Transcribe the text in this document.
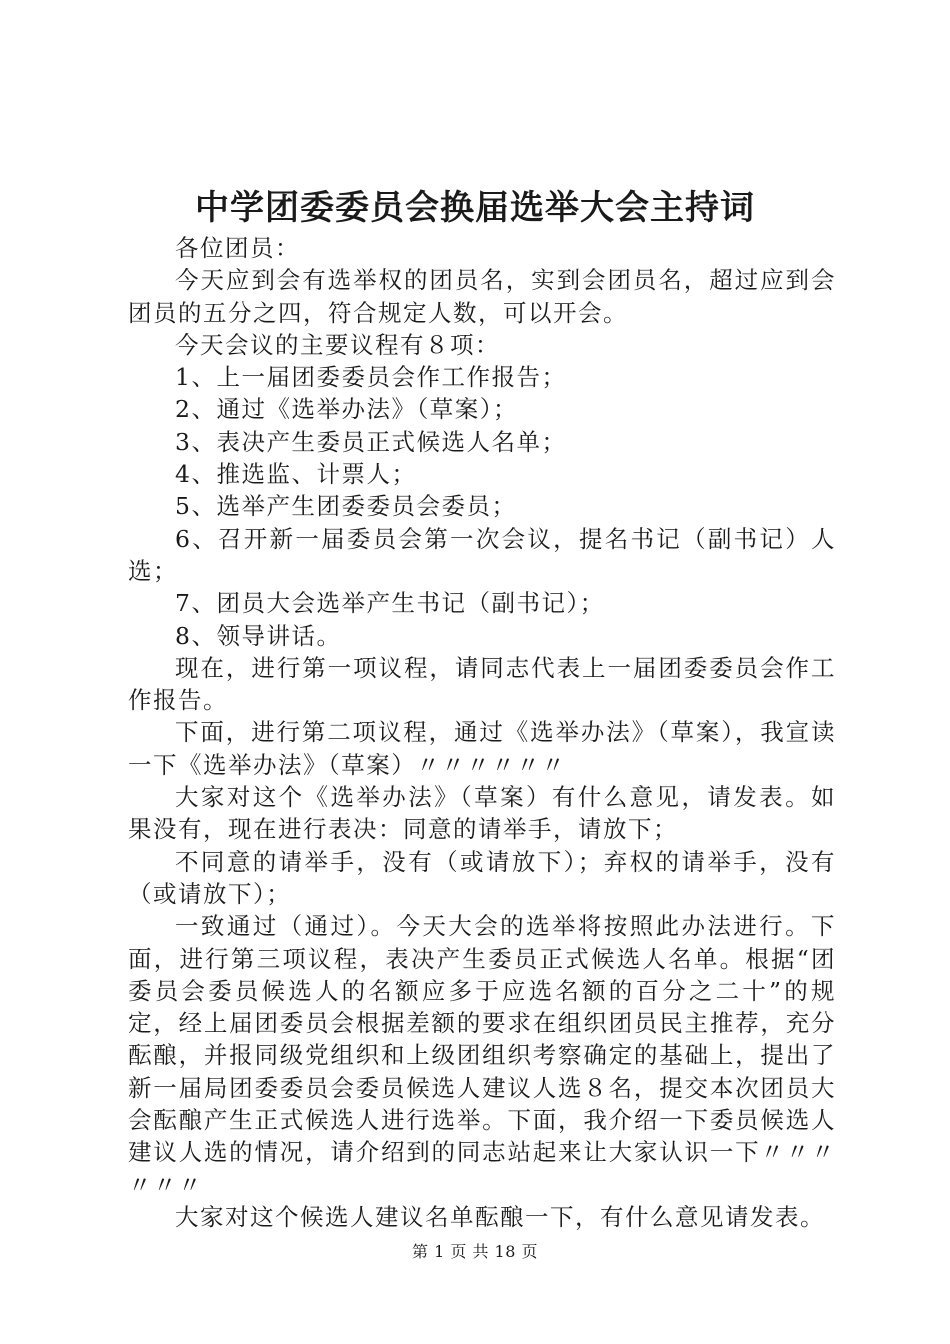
中学团委委员会换届选举大会主持词

各位团员：

今天应到会有选举权的团员名，实到会团员名，超过应到会团员的五分之四，符合规定人数，可以开会。

今天会议的主要议程有８项：

1、上一届团委委员会作工作报告；

2、通过《选举办法》（草案）；

3、表决产生委员正式候选人名单；

4、推选监、计票人；

5、选举产生团委委员会委员；

6、召开新一届委员会第一次会议，提名书记（副书记）人选；

7、团员大会选举产生书记（副书记）；

8、领导讲话。

现在，进行第一项议程，请同志代表上一届团委委员会作工作报告。

下面，进行第二项议程，通过《选举办法》（草案），我宣读一下《选举办法》（草案）〃〃〃〃〃〃

大家对这个《选举办法》（草案）有什么意见，请发表。如果没有，现在进行表决：同意的请举手，请放下；

不同意的请举手，没有（或请放下）；弃权的请举手，没有（或请放下）；

一致通过（通过）。今天大会的选举将按照此办法进行。下面，进行第三项议程，表决产生委员正式候选人名单。根据“团委员会委员候选人的名额应多于应选名额的百分之二十”的规定，经上届团委员会根据差额的要求在组织团员民主推荐，充分酝酿，并报同级党组织和上级团组织考察确定的基础上，提出了新一届局团委委员会委员候选人建议人选８名，提交本次团员大会酝酿产生正式候选人进行选举。下面，我介绍一下委员候选人建议人选的情况，请介绍到的同志站起来让大家认识一下〃〃〃〃〃〃

大家对这个候选人建议名单酝酿一下，有什么意见请发表。

第 1 页 共 18 页
